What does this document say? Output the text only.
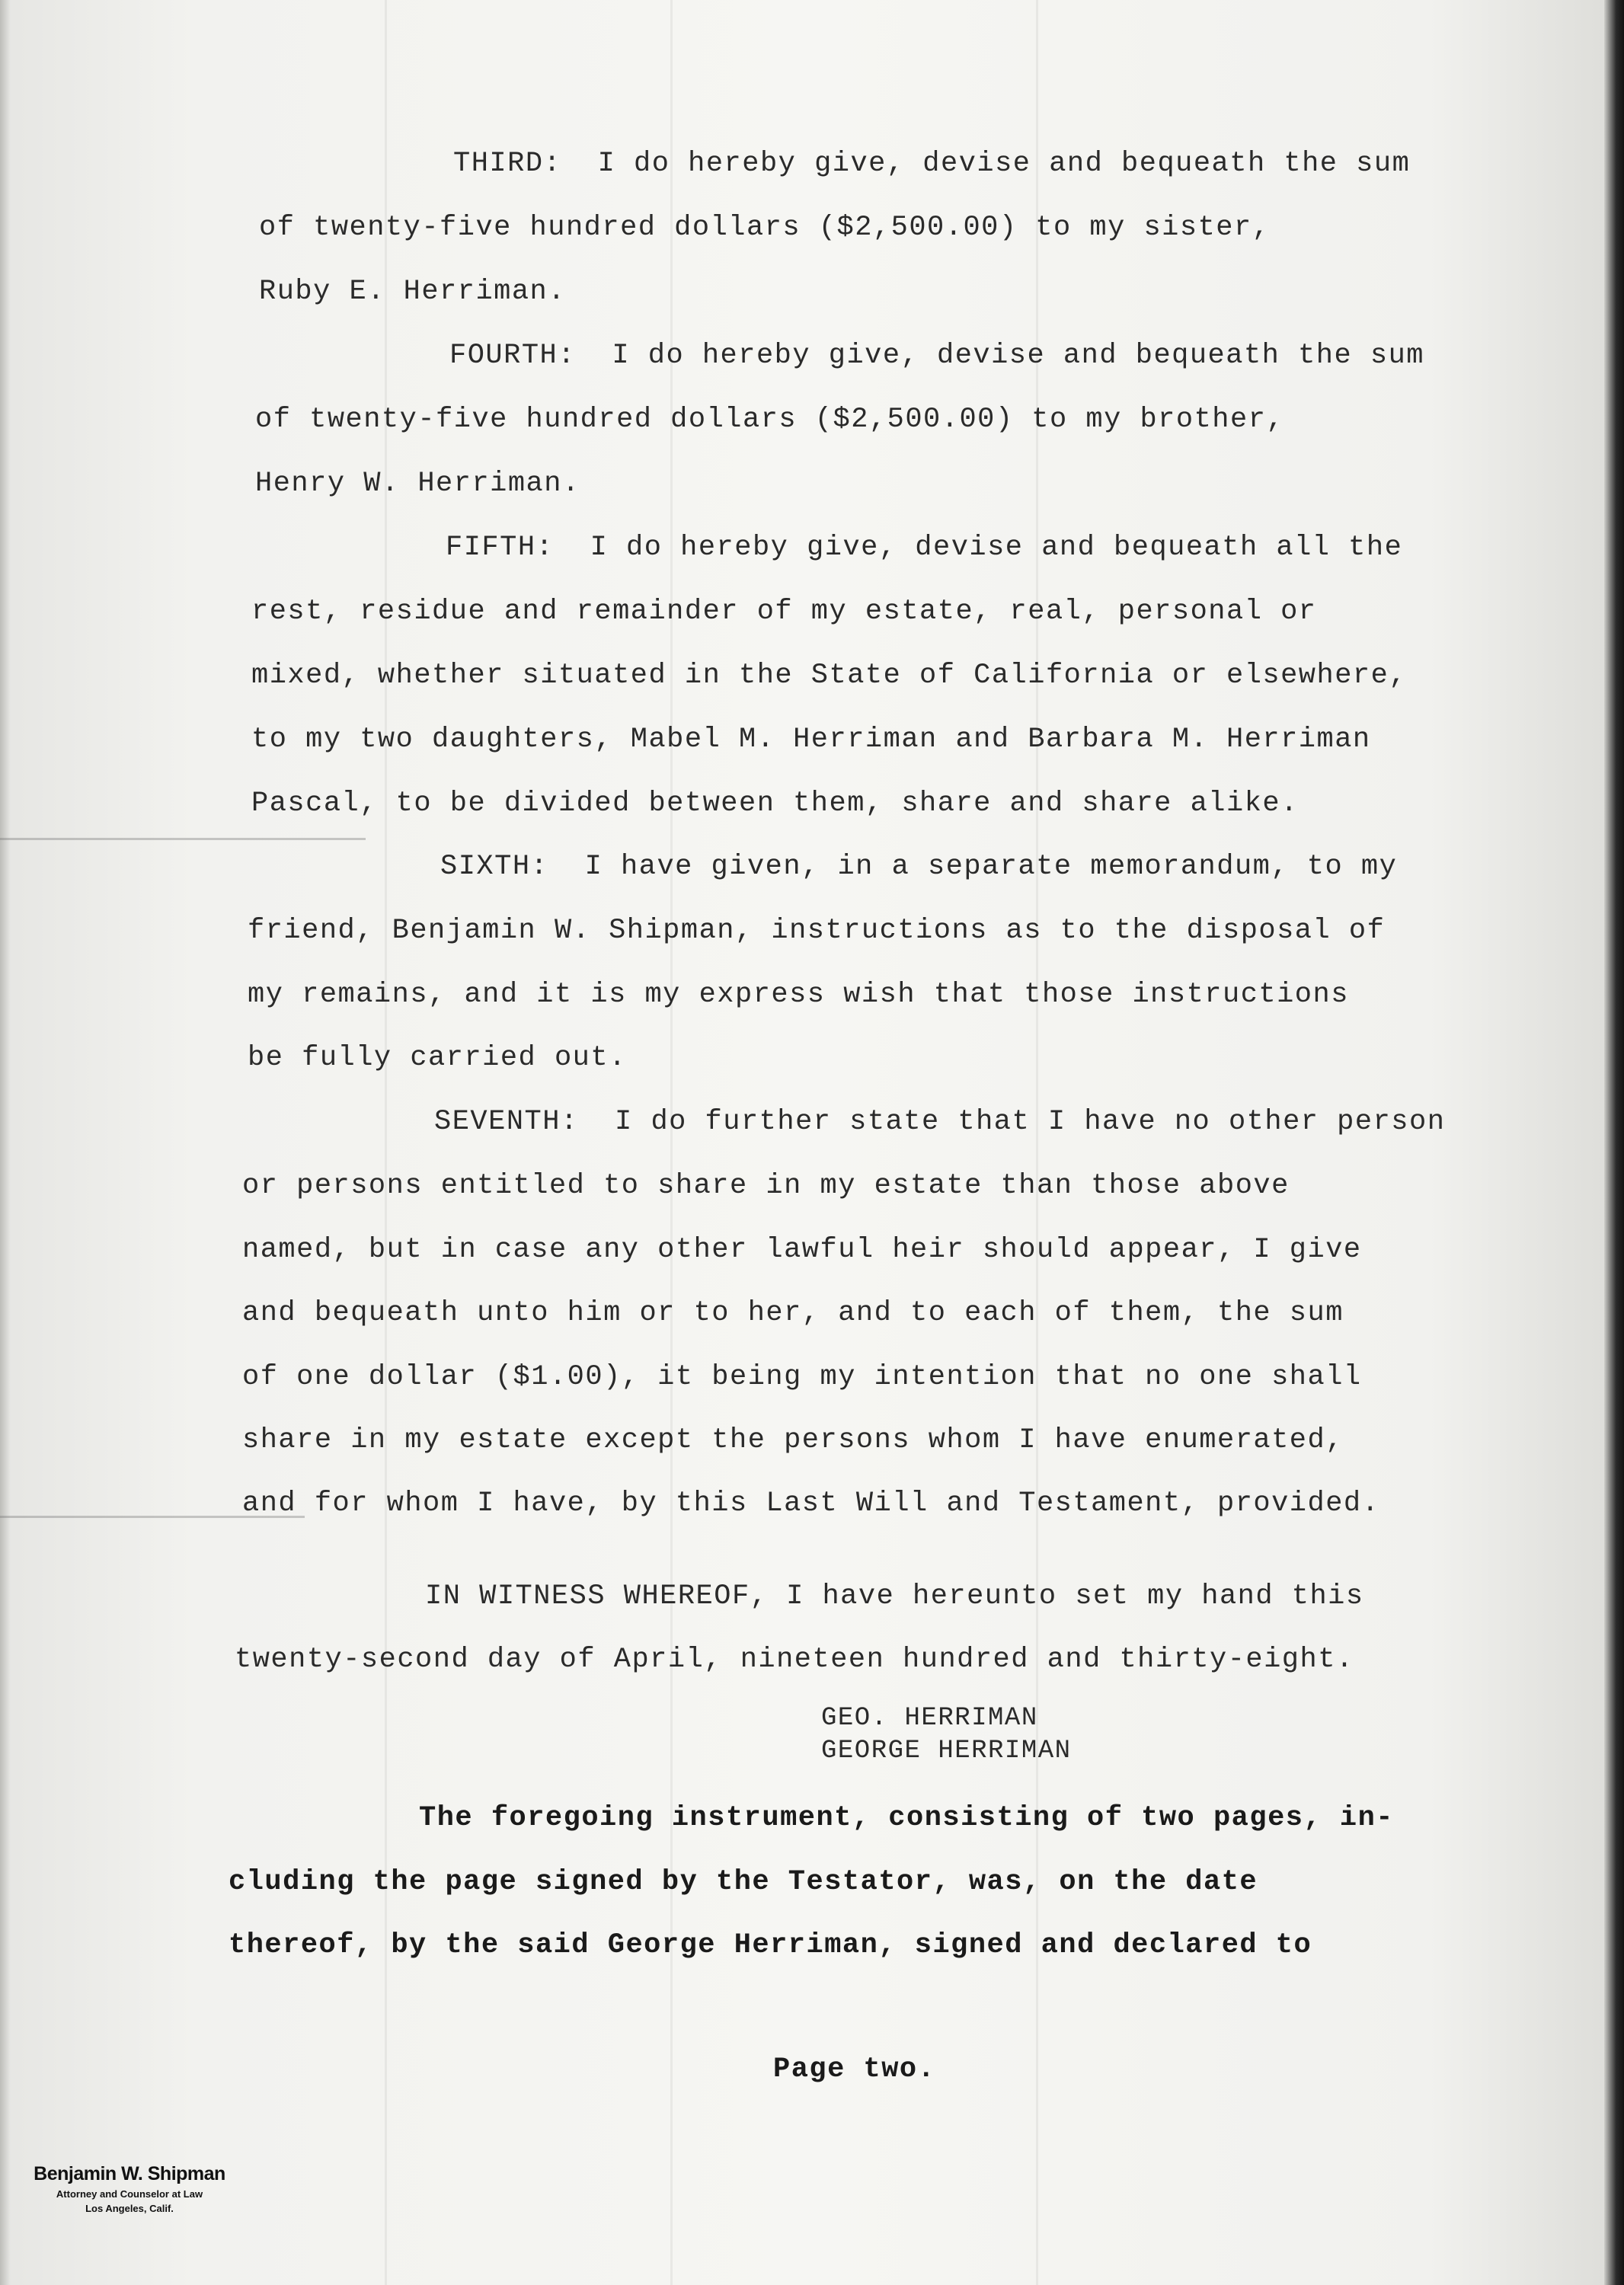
THIRD:  I do hereby give, devise and bequeath the sum
of twenty-five hundred dollars ($2,500.00) to my sister,
Ruby E. Herriman.
FOURTH:  I do hereby give, devise and bequeath the sum
of twenty-five hundred dollars ($2,500.00) to my brother,
Henry W. Herriman.
FIFTH:  I do hereby give, devise and bequeath all the
rest, residue and remainder of my estate, real, personal or
mixed, whether situated in the State of California or elsewhere,
to my two daughters, Mabel M. Herriman and Barbara M. Herriman
Pascal, to be divided between them, share and share alike.
SIXTH:  I have given, in a separate memorandum, to my
friend, Benjamin W. Shipman, instructions as to the disposal of
my remains, and it is my express wish that those instructions
be fully carried out.
SEVENTH:  I do further state that I have no other person
or persons entitled to share in my estate than those above
named, but in case any other lawful heir should appear, I give
and bequeath unto him or to her, and to each of them, the sum
of one dollar ($1.00), it being my intention that no one shall
share in my estate except the persons whom I have enumerated,
and for whom I have, by this Last Will and Testament, provided.
IN WITNESS WHEREOF, I have hereunto set my hand this
twenty-second day of April, nineteen hundred and thirty-eight.
GEO. HERRIMAN
GEORGE HERRIMAN
The foregoing instrument, consisting of two pages, in-
cluding the page signed by the Testator, was, on the date
thereof, by the said George Herriman, signed and declared to
Page two.
Benjamin W. Shipman
Attorney and Counselor at Law
Los Angeles, Calif.
